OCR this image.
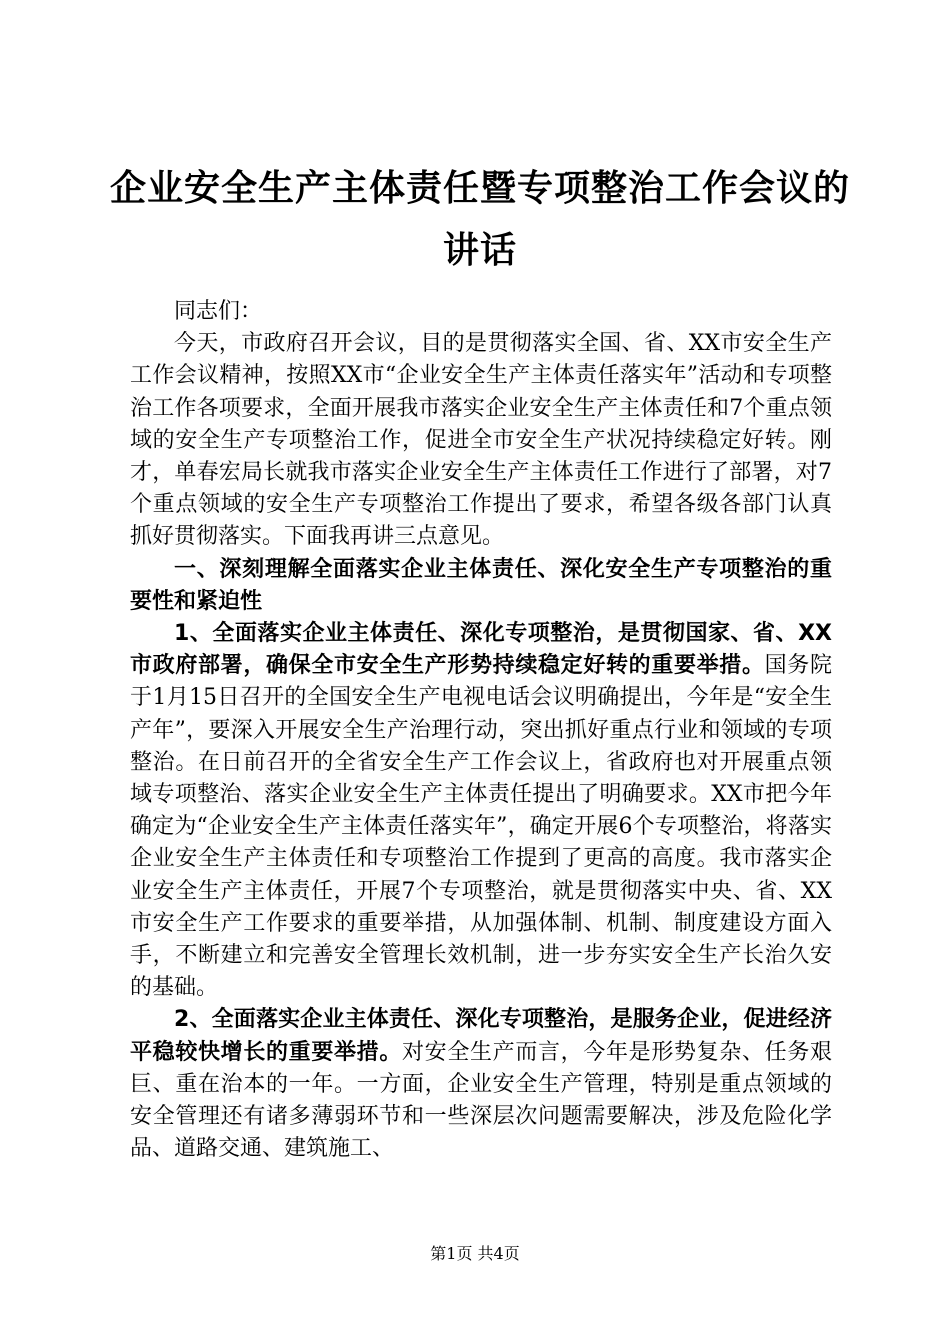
企业安全生产主体责任暨专项整治工作会议的讲话

同志们：

今天，市政府召开会议，目的是贯彻落实全国、省、XX市安全生产工作会议精神，按照XX市“企业安全生产主体责任落实年”活动和专项整治工作各项要求，全面开展我市落实企业安全生产主体责任和7个重点领域的安全生产专项整治工作，促进全市安全生产状况持续稳定好转。刚才，单春宏局长就我市落实企业安全生产主体责任工作进行了部署，对7个重点领域的安全生产专项整治工作提出了要求，希望各级各部门认真抓好贯彻落实。下面我再讲三点意见。

一、深刻理解全面落实企业主体责任、深化安全生产专项整治的重要性和紧迫性

1、全面落实企业主体责任、深化专项整治，是贯彻国家、省、XX市政府部署，确保全市安全生产形势持续稳定好转的重要举措。国务院于1月15日召开的全国安全生产电视电话会议明确提出，今年是“安全生产年”，要深入开展安全生产治理行动，突出抓好重点行业和领域的专项整治。在日前召开的全省安全生产工作会议上，省政府也对开展重点领域专项整治、落实企业安全生产主体责任提出了明确要求。XX市把今年确定为“企业安全生产主体责任落实年”，确定开展6个专项整治，将落实企业安全生产主体责任和专项整治工作提到了更高的高度。我市落实企业安全生产主体责任，开展7个专项整治，就是贯彻落实中央、省、XX市安全生产工作要求的重要举措，从加强体制、机制、制度建设方面入手，不断建立和完善安全管理长效机制，进一步夯实安全生产长治久安的基础。

2、全面落实企业主体责任、深化专项整治，是服务企业，促进经济平稳较快增长的重要举措。对安全生产而言，今年是形势复杂、任务艰巨、重在治本的一年。一方面，企业安全生产管理，特别是重点领域的安全管理还有诸多薄弱环节和一些深层次问题需要解决，涉及危险化学品、道路交通、建筑施工、

第1页 共4页
